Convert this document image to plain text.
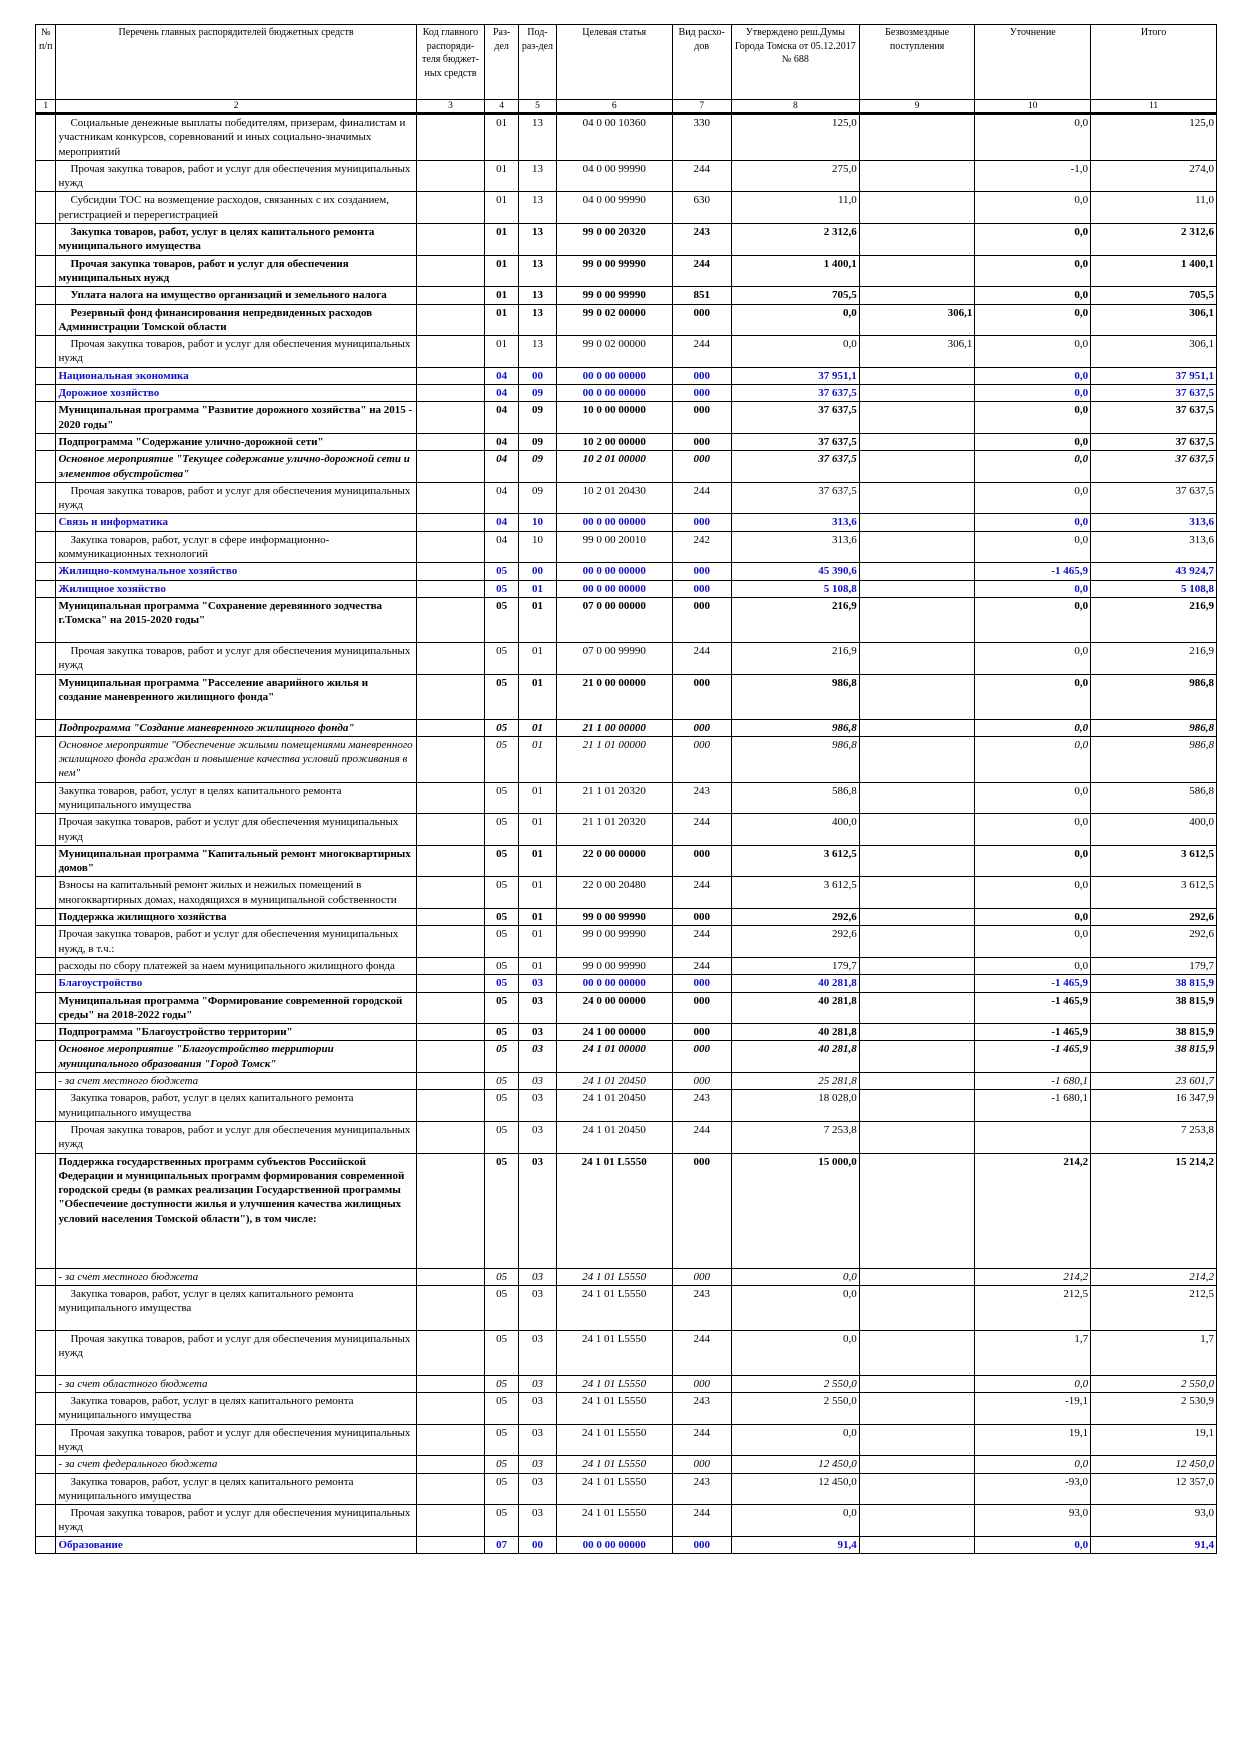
№ п/п	Перечень главных распорядителей бюджетных средств	Код главного распоряди-теля бюджет-ных средств	Раз-дел	Под-раз-дел	Целевая статья	Вид расхо-дов	Утверждено реш.Думы Города Томска от 05.12.2017 № 688	Безвозмездные поступления	Уточнение	Итого
1	2	3	4	5	6	7	8	9	10	11
	Социальные денежные выплаты победителям, призерам, финалистам и участникам конкурсов, соревнований и иных социально-значимых мероприятий		01	13	04 0 00 10360	330	125,0		0,0	125,0
	Прочая закупка товаров, работ и услуг для обеспечения муниципальных нужд		01	13	04 0 00 99990	244	275,0		-1,0	274,0
	Субсидии ТОС на возмещение расходов, связанных с их созданием, регистрацией и перерегистрацией		01	13	04 0 00 99990	630	11,0		0,0	11,0
	Закупка товаров, работ, услуг в целях капитального ремонта муниципального имущества		01	13	99 0 00 20320	243	2 312,6		0,0	2 312,6
	Прочая закупка товаров, работ и услуг для обеспечения муниципальных нужд		01	13	99 0 00 99990	244	1 400,1		0,0	1 400,1
	Уплата налога на имущество организаций и земельного налога		01	13	99 0 00 99990	851	705,5		0,0	705,5
	Резервный фонд финансирования непредвиденных расходов Администрации Томской области		01	13	99 0 02 00000	000	0,0	306,1	0,0	306,1
	Прочая закупка товаров, работ и услуг для обеспечения муниципальных нужд		01	13	99 0 02 00000	244	0,0	306,1	0,0	306,1
	Национальная экономика		04	00	00 0 00 00000	000	37 951,1		0,0	37 951,1
	Дорожное хозяйство		04	09	00 0 00 00000	000	37 637,5		0,0	37 637,5
	Муниципальная программа "Развитие дорожного хозяйства" на 2015 - 2020 годы"		04	09	10 0 00 00000	000	37 637,5		0,0	37 637,5
	Подпрограмма "Содержание улично-дорожной сети"		04	09	10 2 00 00000	000	37 637,5		0,0	37 637,5
	Основное мероприятие "Текущее содержание улично-дорожной сети и элементов обустройства"		04	09	10 2 01 00000	000	37 637,5		0,0	37 637,5
	Прочая закупка товаров, работ и услуг для обеспечения муниципальных нужд		04	09	10 2 01 20430	244	37 637,5		0,0	37 637,5
	Связь и информатика		04	10	00 0 00 00000	000	313,6		0,0	313,6
	Закупка товаров, работ, услуг в сфере информационно-коммуникационных технологий		04	10	99 0 00 20010	242	313,6		0,0	313,6
	Жилищно-коммунальное хозяйство		05	00	00 0 00 00000	000	45 390,6		-1 465,9	43 924,7
	Жилищное хозяйство		05	01	00 0 00 00000	000	5 108,8		0,0	5 108,8
	Муниципальная программа "Сохранение деревянного зодчества г.Томска" на 2015-2020 годы"		05	01	07 0 00 00000	000	216,9		0,0	216,9
	Прочая закупка товаров, работ и услуг для обеспечения муниципальных нужд		05	01	07 0 00 99990	244	216,9		0,0	216,9
	Муниципальная программа "Расселение аварийного жилья и создание маневренного жилищного фонда"		05	01	21 0 00 00000	000	986,8		0,0	986,8
	Подпрограмма "Создание маневренного жилищного фонда"		05	01	21 1 00 00000	000	986,8		0,0	986,8
	Основное мероприятие "Обеспечение жилыми помещениями маневренного жилищного фонда граждан и повышение качества условий проживания в нем"		05	01	21 1 01 00000	000	986,8		0,0	986,8
	Закупка товаров, работ, услуг в целях капитального ремонта муниципального имущества		05	01	21 1 01 20320	243	586,8		0,0	586,8
	Прочая закупка товаров, работ и услуг для обеспечения муниципальных нужд		05	01	21 1 01 20320	244	400,0		0,0	400,0
	Муниципальная программа "Капитальный ремонт многоквартирных домов"		05	01	22 0 00 00000	000	3 612,5		0,0	3 612,5
	Взносы на капитальный ремонт жилых и нежилых помещений в многоквартирных домах, находящихся в муниципальной собственности		05	01	22 0 00 20480	244	3 612,5		0,0	3 612,5
	Поддержка жилищного хозяйства		05	01	99 0 00 99990	000	292,6		0,0	292,6
	Прочая закупка товаров, работ и услуг для обеспечения муниципальных нужд, в т.ч.:		05	01	99 0 00 99990	244	292,6		0,0	292,6
	расходы по сбору платежей за наем муниципального жилищного фонда		05	01	99 0 00 99990	244	179,7		0,0	179,7
	Благоустройство		05	03	00 0 00 00000	000	40 281,8		-1 465,9	38 815,9
	Муниципальная программа "Формирование современной городской среды" на 2018-2022 годы"		05	03	24 0 00 00000	000	40 281,8		-1 465,9	38 815,9
	Подпрограмма "Благоустройство территории"		05	03	24 1 00 00000	000	40 281,8		-1 465,9	38 815,9
	Основное мероприятие "Благоустройство территории муниципального образования "Город Томск"		05	03	24 1 01 00000	000	40 281,8		-1 465,9	38 815,9
	- за счет местного бюджета		05	03	24 1 01 20450	000	25 281,8		-1 680,1	23 601,7
	Закупка товаров, работ, услуг в целях капитального ремонта муниципального имущества		05	03	24 1 01 20450	243	18 028,0		-1 680,1	16 347,9
	Прочая закупка товаров, работ и услуг для обеспечения муниципальных нужд		05	03	24 1 01 20450	244	7 253,8			7 253,8
	Поддержка государственных программ субъектов Российской Федерации и муниципальных программ формирования современной городской среды (в рамках реализации Государственной программы "Обеспечение доступности жилья и улучшения качества жилищных условий населения Томской области"), в том числе:		05	03	24 1 01 L5550	000	15 000,0		214,2	15 214,2
	- за счет местного бюджета		05	03	24 1 01 L5550	000	0,0		214,2	214,2
	Закупка товаров, работ, услуг в целях капитального ремонта муниципального имущества		05	03	24 1 01 L5550	243	0,0		212,5	212,5
	Прочая закупка товаров, работ и услуг для обеспечения муниципальных нужд		05	03	24 1 01 L5550	244	0,0		1,7	1,7
	- за счет областного бюджета		05	03	24 1 01 L5550	000	2 550,0		0,0	2 550,0
	Закупка товаров, работ, услуг в целях капитального ремонта муниципального имущества		05	03	24 1 01 L5550	243	2 550,0		-19,1	2 530,9
	Прочая закупка товаров, работ и услуг для обеспечения муниципальных нужд		05	03	24 1 01 L5550	244	0,0		19,1	19,1
	- за счет федерального бюджета		05	03	24 1 01 L5550	000	12 450,0		0,0	12 450,0
	Закупка товаров, работ, услуг в целях капитального ремонта муниципального имущества		05	03	24 1 01 L5550	243	12 450,0		-93,0	12 357,0
	Прочая закупка товаров, работ и услуг для обеспечения муниципальных нужд		05	03	24 1 01 L5550	244	0,0		93,0	93,0
	Образование		07	00	00 0 00 00000	000	91,4		0,0	91,4
